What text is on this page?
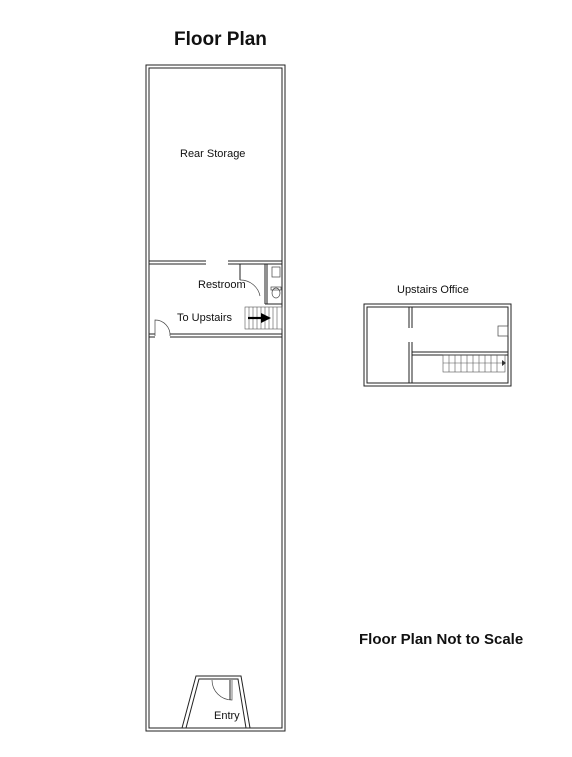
Floor Plan
Floor Plan Not to Scale
Rear Storage
Restroom
To Upstairs
Entry
Upstairs Office
